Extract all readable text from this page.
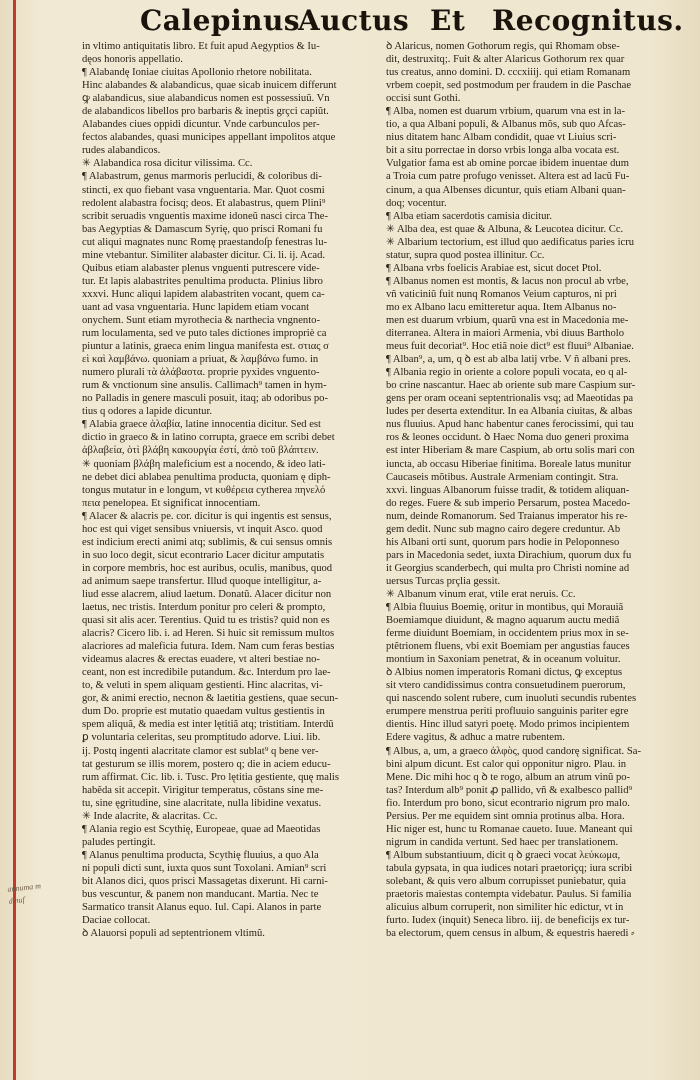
Calepinus
Auctus Et Recognitus.
in vltimo antiquitatis libro. Et fuit apud Aegyptios & Iu-
dęos honoris appellatio.
¶ Alabandę Ioniae ciuitas Apollonio rhetore nobilitata.
Hinc alabandes & alabandicus, quae sicab inuicem differunt
ꝙ alabandicus, siue alabandicus nomen est possessiuũ. Vn
de alabandicos libellos pro barbaris & ineptis grçci capiũt.
Alabandes ciues oppidi dicuntur. Vnde carbunculos per-
fectos alabandes, quasi municipes appellant impolitos atque
rudes alabandicos.
✳ Alabandica rosa dicitur vilissima. Cc.
¶ Alabastrum, genus marmoris perlucidi, & coloribus di-
stincti, ex quo fiebant vasa vnguentaria. Mar. Quot cosmi
redolent alabastra focisq; deos. Et alabastrus, quem Plini⁹
scribit seruadis vnguentis maxime idoneũ nasci circa The-
bas Aegyptias & Damascum Syrię, quo prisci Romani fu
cut aliqui magnates nunc Romę praestandoſp fenestras lu-
mine vtebantur. Similiter alabaster dicitur. Ci. li. ij. Acad.
Quibus etiam alabaster plenus vnguenti putrescere vide-
tur. Et lapis alabastrites penultima producta. Plinius libro
xxxvi. Hunc aliqui lapidem alabastriten vocant, quem ca-
uant ad vasa vnguentaria. Hunc lapidem etiam vocant
onychem. Sunt etiam myrothecia & narthecia vngnento-
rum loculamenta, sed ve puto tales dictiones impropriè ca
piuntur a latinis, graeca enim lingua manifesta est. στιας σ
εὶ καὶ λαμβάνω. quoniam a priuat, & λαμβάνω fumo. in
numero plurali τὰ ἀλάβαστα. proprie pyxides vnguento-
rum & vnctionum sine ansulis. Callimach⁹ tamen in hym-
no Palladis in genere masculi posuit, itaq; ab odoribus po-
tius q odores a lapide dicuntur.
¶ Alabia graece ἀλαβία, latine innocentia dicitur. Sed est
dictio in graeco & in latino corrupta, graece em scribi debet
ἀβλαβεία, ὁτὶ βλάβη κακουργία ἐστί, ἀπὸ τοῦ βλάπτειν.
✳ quoniam βλάβη maleficium est a nocendo, & ideo lati-
ne debet dici ablabea penultima producta, quoniam ę diph-
tongus mutatur in e longum, vt κυθέρεια cytherea πηνελό
πεια penelopea. Et significat innocentiam.
¶ Alacer & alacris pe. cor. dicitur is qui ingentis est sensus,
hoc est qui viget sensibus vniuersis, vt inquit Asco. quod
est indicium erecti animi atq; sublimis, & cui sensus omnis
in suo loco degit, sicut econtrario Lacer dicitur amputatis
in corpore membris, hoc est auribus, oculis, manibus, quod
ad animum saepe transfertur. Illud quoque intelligitur, a-
liud esse alacrem, aliud laetum. Donatũ. Alacer dicitur non
laetus, nec tristis. Interdum ponitur pro celeri & prompto,
quasi sit alis acer. Terentius. Quid tu es tristis? quid non es
alacris? Cicero lib. i. ad Heren. Si huic sit remissum multos
alacriores ad maleficia futura. Idem. Nam cum feras bestias
videamus alacres & erectas euadere, vt alteri bestiae no-
ceant, non est incredibile putandum. &c. Interdum pro lae-
to, & veluti in spem aliquam gestienti. Hinc alacritas, vi-
gor, & animi erectio, necnon & laetitia gestiens, quae secun-
dum Do. proprie est mutatio quaedam vultus gestientis in
spem aliquã, & media est inter lętitiã atq; tristitiam. Interdũ
ꝑ voluntaria celeritas, seu promptitudo adorve. Liui. lib.
ij. Postq ingenti alacritate clamor est sublat⁹ q bene ver-
tat gesturum se illis morem, postero q; die in aciem educu-
rum affirmat. Cic. lib. i. Tusc. Pro lętitia gestiente, quę malis
habẽda sit accepit. Virigitur temperatus, cõstans sine me-
tu, sine ęgritudine, sine alacritate, nulla libidine vexatus.
✳ Inde alacrite, & alacritas. Cc.
¶ Alania regio est Scythię, Europeae, quae ad Maeotidas
paludes pertingit.
¶ Alanus penultima producta, Scythię fluuius, a quo Ala
ni populi dicti sunt, iuxta quos sunt Toxolani. Amian⁹ scri
bit Alanos dici, quos prisci Massagetas dixerunt. Hi carni-
bus vescuntur, & panem non manducant. Martia. Nec te
Sarmatico transit Alanus equo. Iul. Capi. Alanos in parte
Daciae collocat.
ꝺ Alauorsi populi ad septentrionem vltimũ.
ꝺ Alaricus, nomen Gothorum regis, qui Rhomam obse-
dit, destruxitq;. Fuit & alter Alaricus Gothorum rex quar
tus creatus, anno domini. D. cccxiiij. qui etiam Romanam
vrbem coepit, sed postmodum per fraudem in die Paschae
occisi sunt Gothi.
¶ Alba, nomen est duarum vrbium, quarum vna est in la-
tio, a qua Albani populi, & Albanus mõs, sub quo Afcas-
nius ditatem hanc Albam condidit, quae vt Liuius scri-
bit a situ porrectae in dorso vrbis longa alba vocata est.
Vulgatior fama est ab omine porcae ibidem inuentae dum
a Troia cum patre profugo venisset. Altera est ad lacũ Fu-
cinum, a qua Albenses dicuntur, quis etiam Albani quan-
doq; vocentur.
¶ Alba etiam sacerdotis camisia dicitur.
✳ Alba dea, est quae & Albuna, & Leucotea dicitur. Cc.
✳ Albarium tectorium, est illud quo aedificatus paries icru
statur, supra quod postea illinitur. Cc.
¶ Albana vrbs foelicis Arabiae est, sicut docet Ptol.
¶ Albanus nomen est montis, & lacus non procul ab vrbe,
vñ vaticiniũ fuit nunq Romanos Veium capturos, ni pri
mo ex Albano lacu emitteretur aqua. Item Albanus no-
men est duarum vrbium, quarũ vna est in Macedonia me-
diterranea. Altera in maiori Armenia, vbi diuus Bartholo
meus fuit decoriat⁹. Hoc etiã noie dict⁹ est fluui⁹ Albaniae.
¶ Alban⁹, a, um, q ꝺ est ab alba latij vrbe. V ñ albani pres.
¶ Albania regio in oriente a colore populi vocata, eo q al-
bo crine nascantur. Haec ab oriente sub mare Caspium sur-
gens per oram oceani septentrionalis vsq; ad Maeotidas pa
ludes per deserta extenditur. In ea Albania ciuitas, & albas
nus fluuius. Apud hanc habentur canes ferocissimi, qui tau
ros & leones occidunt. ꝺ Haec Noma duo generi proxima
est inter Hiberiam & mare Caspium, ab ortu solis mari con
iuncta, ab occasu Hiberiae finitima. Boreale latus munitur
Caucaseis mõtibus. Australe Armeniam contingit. Stra.
xxvi. linguas Albanorum fuisse tradit, & totidem aliquan-
do reges. Fuere & sub imperio Persarum, postea Macedo-
num, deinde Romanorum. Sed Traianus imperator his re-
gem dedit. Nunc sub magno cairo degere creduntur. Ab
his Albani orti sunt, quorum pars hodie in Peloponneso
pars in Macedonia sedet, iuxta Dirachium, quorum dux fu
it Georgius scanderbech, qui multa pro Christi nomine ad
uersus Turcas prçlia gessit.
✳ Albanum vinum erat, vtile erat neruis. Cc.
¶ Albia fluuius Boemię, oritur in montibus, qui Morauiã
Boemiamque diuidunt, & magno aquarum auctu mediã
ferme diuidunt Boemiam, in occidentem prius mox in se-
ptẽtrionem fluens, vbi exit Boemiam per angustias fauces
montium in Saxoniam penetrat, & in oceanum voluitur.
ꝺ Albius nomen imperatoris Romani dictus, ꝙ exceptus
sit vtero candidissimus contra consuetudinem puerorum,
qui nascendo solent rubere, cum inuoluti secundis rubentes
erumpere menstrua periti profluuio sanguinis pariter egre
dientis. Hinc illud satyri poetę. Modo primos incipientem
Edere vagitus, & adhuc a matre rubentem.
¶ Albus, a, um, a graeco ἀλφὸς, quod candorę significat. Sa-
bini alpum dicunt. Est calor qui opponitur nigro. Plau. in
Mene. Dic mihi hoc q ꝺ te rogo, album an atrum vinũ po-
tas? Interdum alb⁹ ponit ꝓ pallido, vñ & exalbesco pallid⁹
fio. Interdum pro bono, sicut econtrario nigrum pro malo.
Persius. Per me equidem sint omnia protinus alba. Hora.
Hic niger est, hunc tu Romanae caueto. Iuue. Maneant qui
nigrum in candida vertunt. Sed haec per translationem.
¶ Album substantiuum, dicit q ꝺ graeci vocat λεύκωμα,
tabula gypsata, in qua iudices notari praetoriçq; iura scribi
solebant, & quis vero album corrupisset puniebatur, quia
praetoris maiestas contempta videbatur. Paulus. Si familia
alicuius album corruperit, non similiter hic edictur, vt in
furto. Iudex (inquit) Seneca libro. iij. de beneficijs ex tur-
ba electorum, quem census in album, & equestris haeredi ⸗
annuma m
dmuf
